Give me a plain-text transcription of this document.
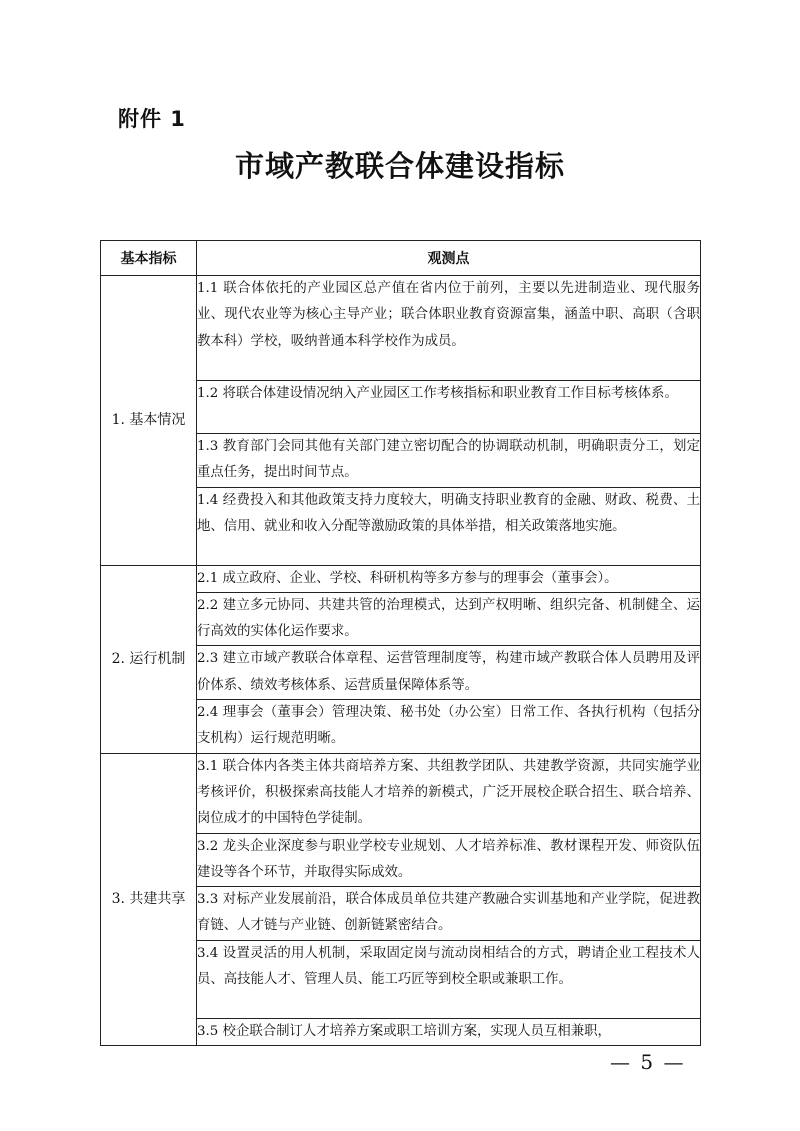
附件 1
市域产教联合体建设指标
基本指标	观测点
1. 基本情况	1.1 联合体依托的产业园区总产值在省内位于前列，主要以先进制造业、现代服务业、现代农业等为核心主导产业；联合体职业教育资源富集，涵盖中职、高职（含职教本科）学校，吸纳普通本科学校作为成员。
	1.2 将联合体建设情况纳入产业园区工作考核指标和职业教育工作目标考核体系。
	1.3 教育部门会同其他有关部门建立密切配合的协调联动机制，明确职责分工，划定重点任务，提出时间节点。
	1.4 经费投入和其他政策支持力度较大，明确支持职业教育的金融、财政、税费、土地、信用、就业和收入分配等激励政策的具体举措，相关政策落地实施。
2. 运行机制	2.1 成立政府、企业、学校、科研机构等多方参与的理事会（董事会）。
	2.2 建立多元协同、共建共管的治理模式，达到产权明晰、组织完备、机制健全、运行高效的实体化运作要求。
	2.3 建立市域产教联合体章程、运营管理制度等，构建市域产教联合体人员聘用及评价体系、绩效考核体系、运营质量保障体系等。
	2.4 理事会（董事会）管理决策、秘书处（办公室）日常工作、各执行机构（包括分支机构）运行规范明晰。
3. 共建共享	3.1 联合体内各类主体共商培养方案、共组教学团队、共建教学资源，共同实施学业考核评价，积极探索高技能人才培养的新模式，广泛开展校企联合招生、联合培养、岗位成才的中国特色学徒制。
	3.2 龙头企业深度参与职业学校专业规划、人才培养标准、教材课程开发、师资队伍建设等各个环节，并取得实际成效。
	3.3 对标产业发展前沿，联合体成员单位共建产教融合实训基地和产业学院，促进教育链、人才链与产业链、创新链紧密结合。
	3.4 设置灵活的用人机制，采取固定岗与流动岗相结合的方式，聘请企业工程技术人员、高技能人才、管理人员、能工巧匠等到校全职或兼职工作。
	3.5 校企联合制订人才培养方案或职工培训方案，实现人员互相兼职，
— 5 —
